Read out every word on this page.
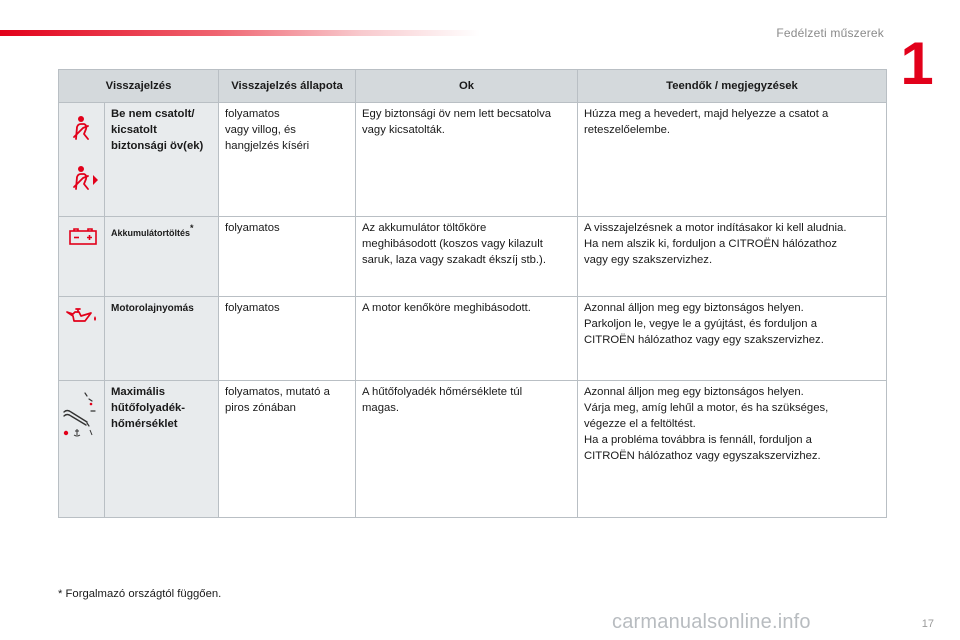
Fedélzeti műszerek 1
Visszajelzés		Visszajelzés állapota	Ok	Teendők / megjegyzések

	Be nem csatolt/ kicsatolt biztonsági öv(ek)	folyamatos
vagy villog, és
hangjelzés kíséri	Egy biztonsági öv nem lett becsatolva vagy kicsatolták.	Húzza meg a hevedert, majd helyezze a csatot a reteszelőelembe.

	Akkumulátortöltés*	folyamatos	Az akkumulátor töltőköre
meghibásodott (koszos vagy kilazult
saruk, laza vagy szakadt ékszíj stb.).	A visszajelzésnek a motor indításakor ki kell aludnia.
Ha nem alszik ki, forduljon a CITROËN hálózathoz
vagy egy szakszervizhez.

	Motorolajnyomás	folyamatos	A motor kenőköre meghibásodott.	Azonnal álljon meg egy biztonságos helyen.
Parkoljon le, vegye le a gyújtást, és forduljon a
CITROËN hálózathoz vagy egy szakszervizhez.

	Maximális hűtőfolyadék-hőmérséklet	folyamatos, mutató a
piros zónában	A hűtőfolyadék hőmérséklete túl
magas.	Azonnal álljon meg egy biztonságos helyen.
Várja meg, amíg lehűl a motor, és ha szükséges,
végezze el a feltöltést.
Ha a probléma továbbra is fennáll, forduljon a
CITROËN hálózathoz vagy egyszakszervizhez.
* Forgalmazó országtól függően.
carmanualsonline.info	17
